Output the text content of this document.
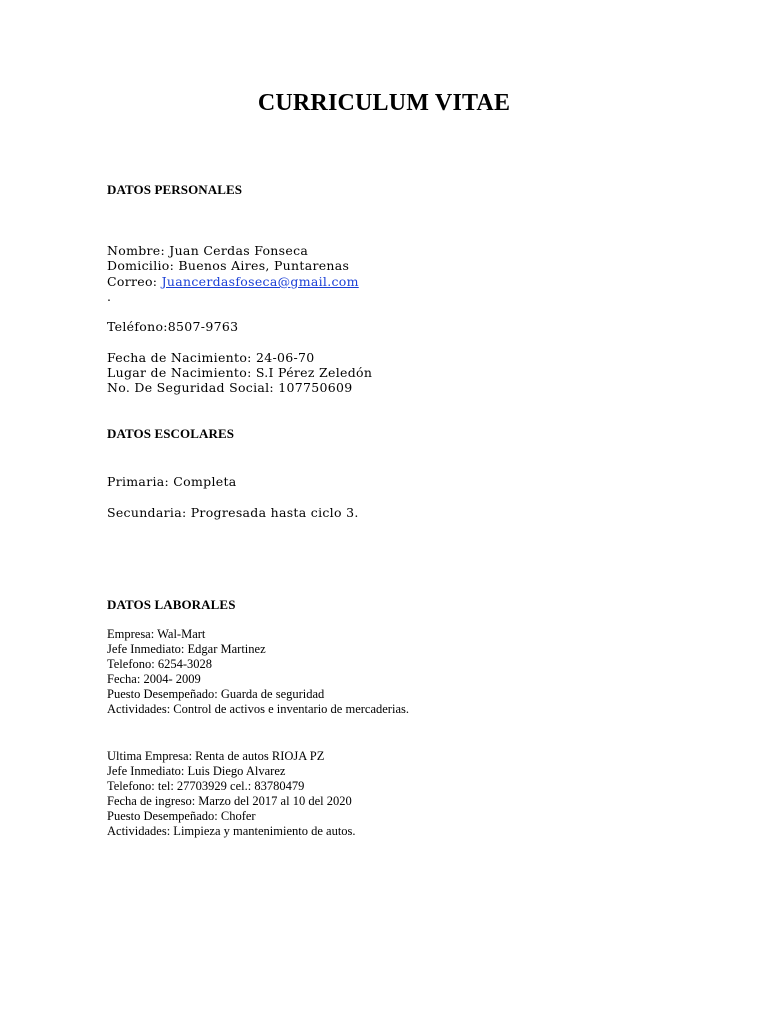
CURRICULUM VITAE
DATOS PERSONALES
Nombre: Juan Cerdas Fonseca
Domicilio: Buenos Aires, Puntarenas
Correo: Juancerdasfoseca@gmail.com
.
Teléfono:8507-9763
Fecha de Nacimiento: 24-06-70
Lugar de Nacimiento: S.I Pérez Zeledón
No. De Seguridad Social: 107750609
DATOS ESCOLARES
Primaria: Completa
Secundaria: Progresada hasta ciclo 3.
DATOS LABORALES
Empresa: Wal-Mart
Jefe Inmediato: Edgar Martinez
Telefono: 6254-3028
Fecha: 2004- 2009
Puesto Desempeñado: Guarda de seguridad
Actividades: Control de activos e inventario de mercaderias.
Ultima Empresa: Renta de autos RIOJA PZ
Jefe Inmediato: Luis Diego Alvarez
Telefono: tel: 27703929 cel.: 83780479
Fecha de ingreso: Marzo del 2017 al 10 del 2020
Puesto Desempeñado: Chofer
Actividades: Limpieza y mantenimiento de autos.
